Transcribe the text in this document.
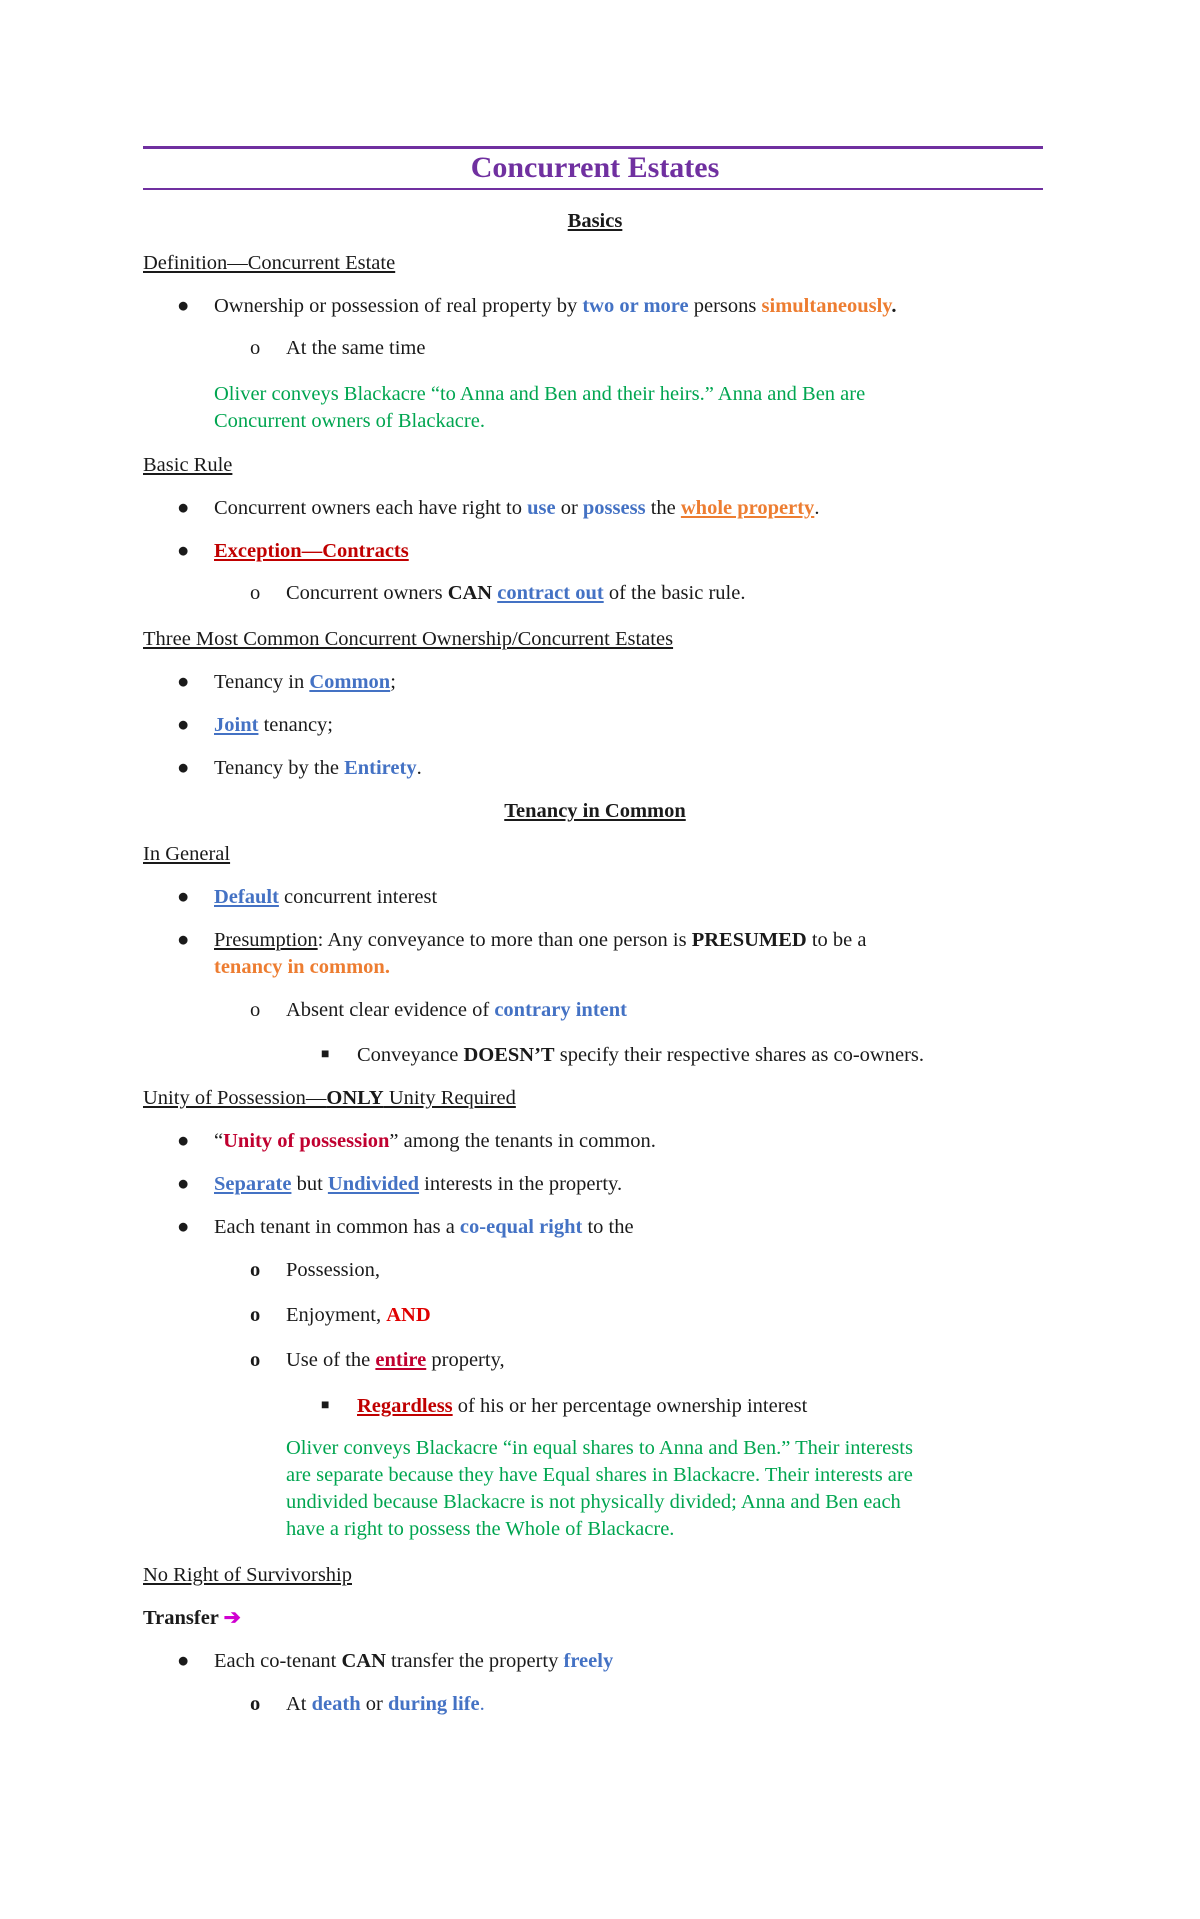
Concurrent Estates
Basics
Definition—Concurrent Estate
● Ownership or possession of real property by two or more persons simultaneously.
o At the same time
Oliver conveys Blackacre “to Anna and Ben and their heirs.” Anna and Ben are
Concurrent owners of Blackacre.
Basic Rule
● Concurrent owners each have right to use or possess the whole property.
● Exception—Contracts
o Concurrent owners CAN contract out of the basic rule.
Three Most Common Concurrent Ownership/Concurrent Estates
● Tenancy in Common;
● Joint tenancy;
● Tenancy by the Entirety.
Tenancy in Common
In General
● Default concurrent interest
● Presumption: Any conveyance to more than one person is PRESUMED to be a
tenancy in common.
o Absent clear evidence of contrary intent
■ Conveyance DOESN’T specify their respective shares as co-owners.
Unity of Possession—ONLY Unity Required
● “Unity of possession” among the tenants in common.
● Separate but Undivided interests in the property.
● Each tenant in common has a co-equal right to the
o Possession,
o Enjoyment, AND
o Use of the entire property,
■ Regardless of his or her percentage ownership interest
Oliver conveys Blackacre “in equal shares to Anna and Ben.” Their interests
are separate because they have Equal shares in Blackacre. Their interests are
undivided because Blackacre is not physically divided; Anna and Ben each
have a right to possess the Whole of Blackacre.
No Right of Survivorship
Transfer ➔
● Each co-tenant CAN transfer the property freely
o At death or during life.
